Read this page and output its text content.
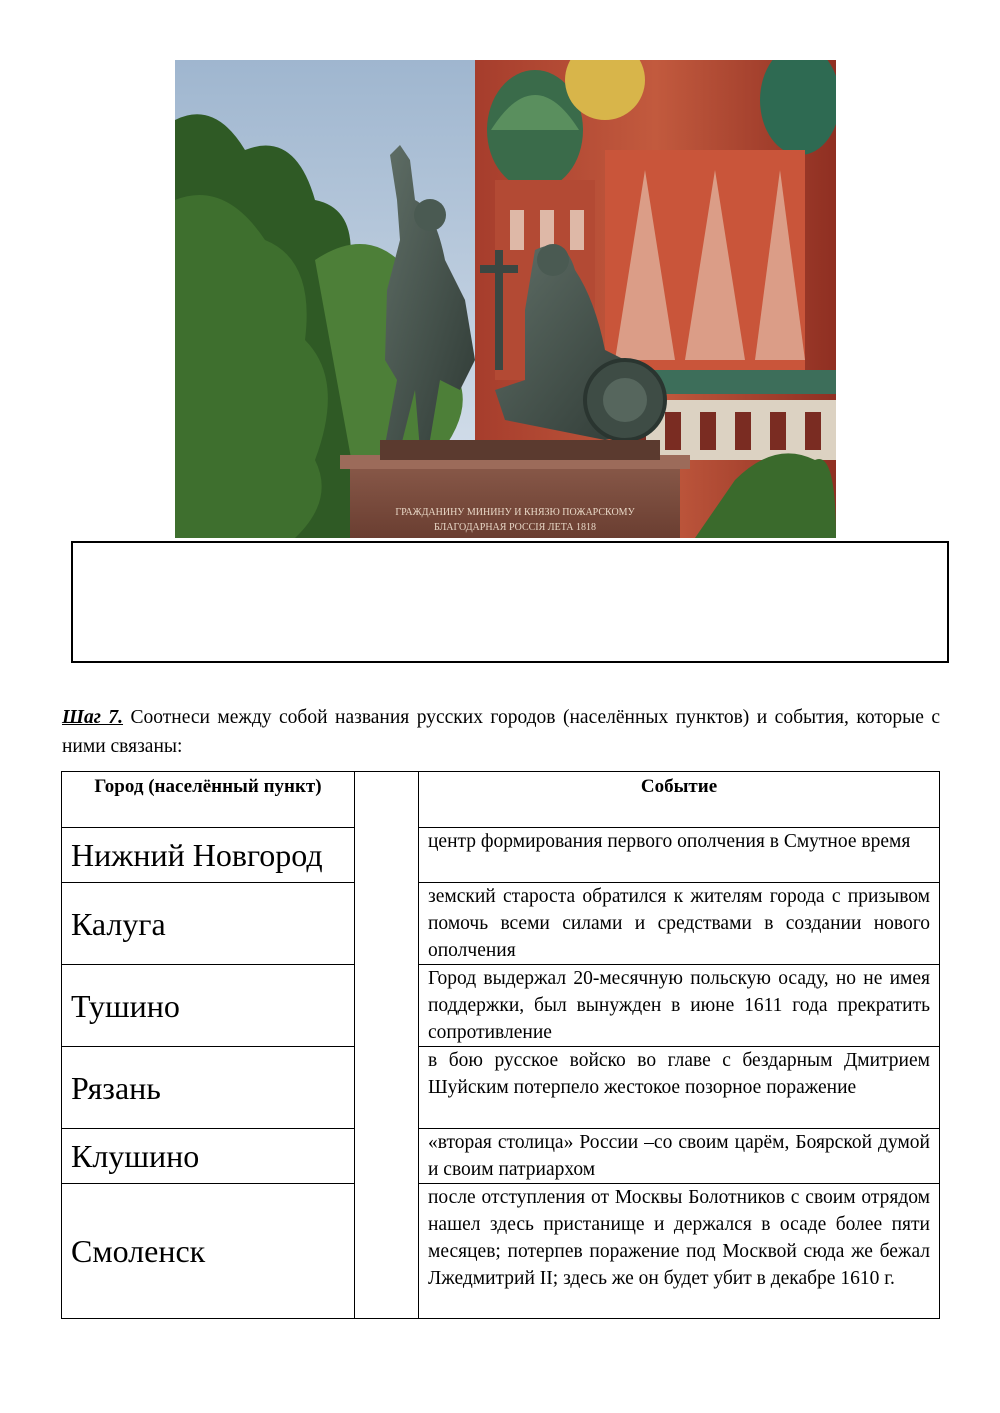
ГРАЖДАНИНУ МИНИНУ И КНЯЗЮ ПОЖАРСКОМУ
БЛАГОДАРНАЯ РОССІЯ ЛЕТА 1818

Шаг 7. Соотнеси между собой названия русских городов (населённых пунктов) и события, которые с ними связаны:

Город (населённый пункт)		Событие
Нижний Новгород		центр формирования первого ополчения в Смутное время
Калуга		земский староста обратился к жителям города с призывом помочь всеми силами и средствами в создании нового ополчения
Тушино		Город выдержал 20-месячную польскую осаду, но не имея поддержки, был вынужден в июне 1611 года прекратить сопротивление
Рязань		в бою русское войско во главе с бездарным Дмитрием Шуйским потерпело жестокое позорное поражение
Клушино		«вторая столица» России –со своим царём, Боярской думой и своим патриархом
Смоленск		после отступления от Москвы Болотников с своим отрядом нашел здесь пристанище и держался в осаде более пяти месяцев; потерпев поражение под Москвой сюда же бежал Лжедмитрий II; здесь же он будет убит в декабре 1610 г.
